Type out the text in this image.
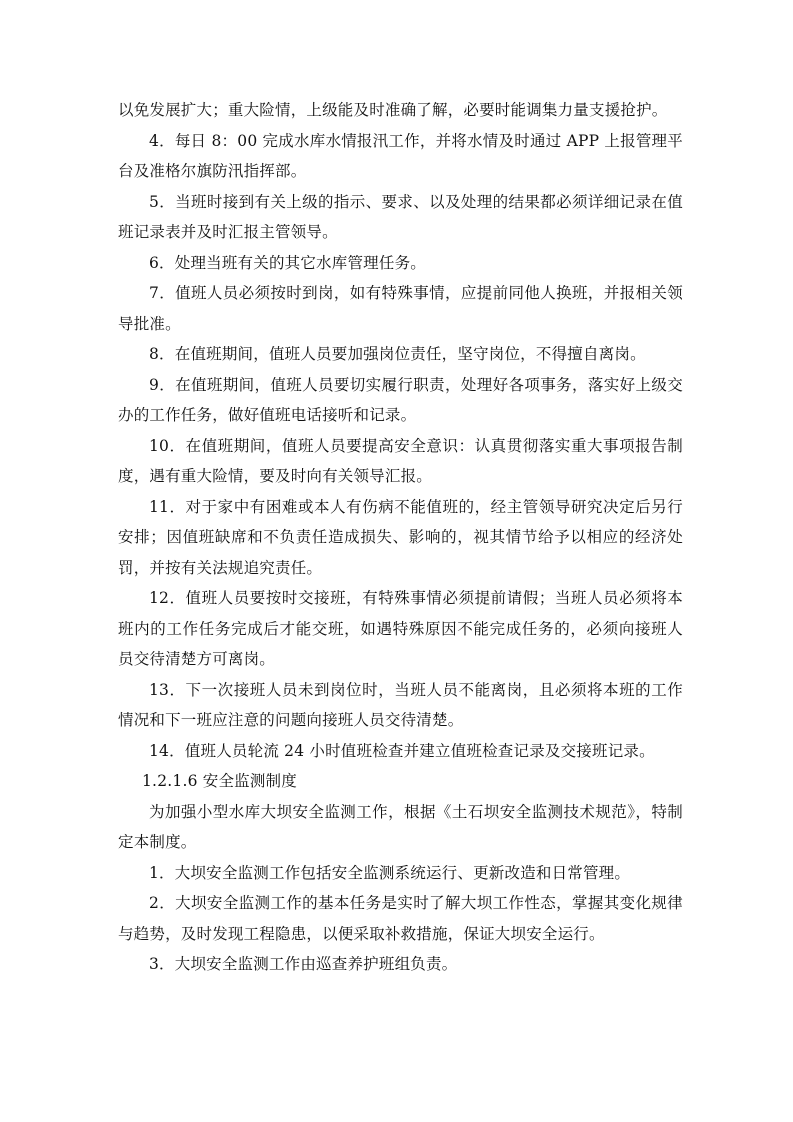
以免发展扩大；重大险情，上级能及时准确了解，必要时能调集力量支援抢护。

4．每日 8：00 完成水库水情报汛工作，并将水情及时通过 APP 上报管理平台及准格尔旗防汛指挥部。

5．当班时接到有关上级的指示、要求、以及处理的结果都必须详细记录在值班记录表并及时汇报主管领导。

6．处理当班有关的其它水库管理任务。

7．值班人员必须按时到岗，如有特殊事情，应提前同他人换班，并报相关领导批准。

8．在值班期间，值班人员要加强岗位责任，坚守岗位，不得擅自离岗。

9．在值班期间，值班人员要切实履行职责，处理好各项事务，落实好上级交办的工作任务，做好值班电话接听和记录。

10．在值班期间，值班人员要提高安全意识：认真贯彻落实重大事项报告制度，遇有重大险情，要及时向有关领导汇报。

11．对于家中有困难或本人有伤病不能值班的，经主管领导研究决定后另行安排；因值班缺席和不负责任造成损失、影响的，视其情节给予以相应的经济处罚，并按有关法规追究责任。

12．值班人员要按时交接班，有特殊事情必须提前请假；当班人员必须将本班内的工作任务完成后才能交班，如遇特殊原因不能完成任务的，必须向接班人员交待清楚方可离岗。

13．下一次接班人员未到岗位时，当班人员不能离岗，且必须将本班的工作情况和下一班应注意的问题向接班人员交待清楚。

14．值班人员轮流 24 小时值班检查并建立值班检查记录及交接班记录。

1.2.1.6 安全监测制度

为加强小型水库大坝安全监测工作，根据《土石坝安全监测技术规范》，特制定本制度。

1．大坝安全监测工作包括安全监测系统运行、更新改造和日常管理。

2．大坝安全监测工作的基本任务是实时了解大坝工作性态，掌握其变化规律与趋势，及时发现工程隐患，以便采取补救措施，保证大坝安全运行。

3．大坝安全监测工作由巡查养护班组负责。
